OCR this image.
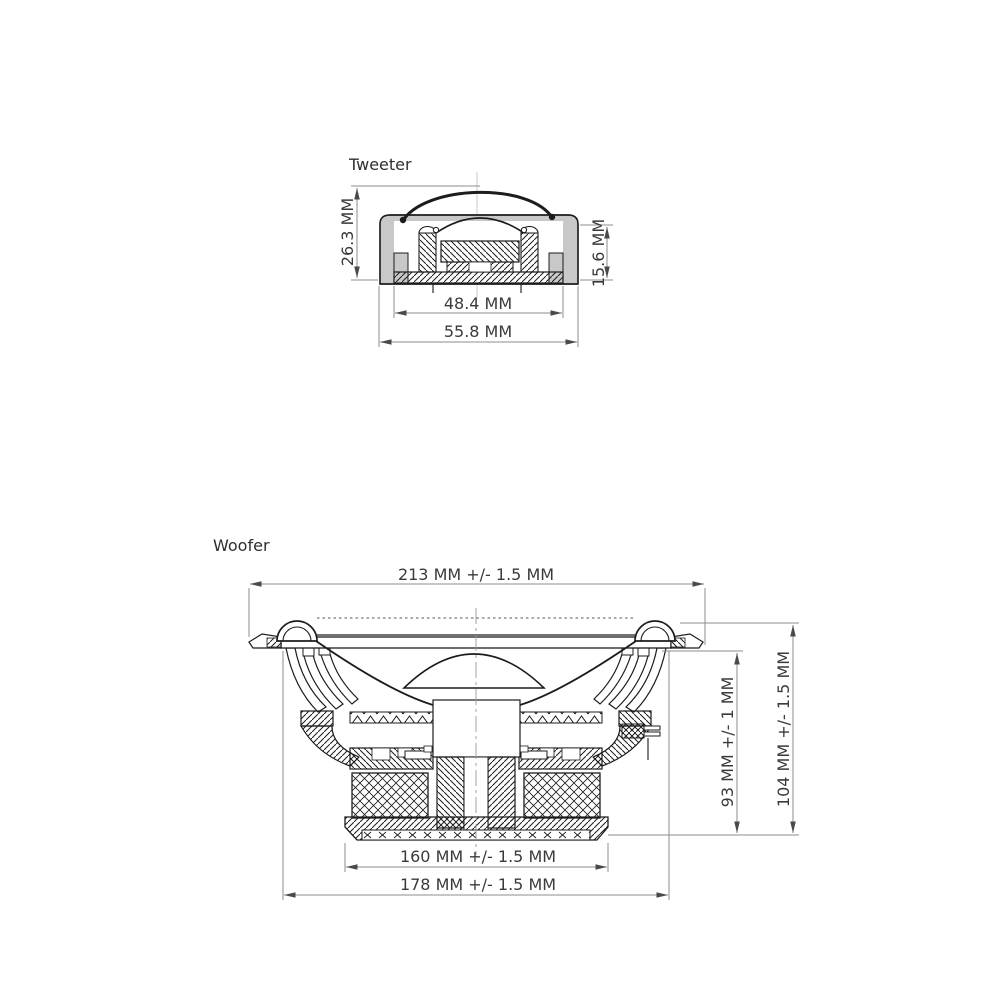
Tweeter
26.3 MM	15.6 MM
48.4 MM
55.8 MM
Woofer
213 MM +/- 1.5 MM
93 MM +/- 1 MM 104 MM +/- 1.5 MM
160 MM +/- 1.5 MM
178 MM +/- 1.5 MM
